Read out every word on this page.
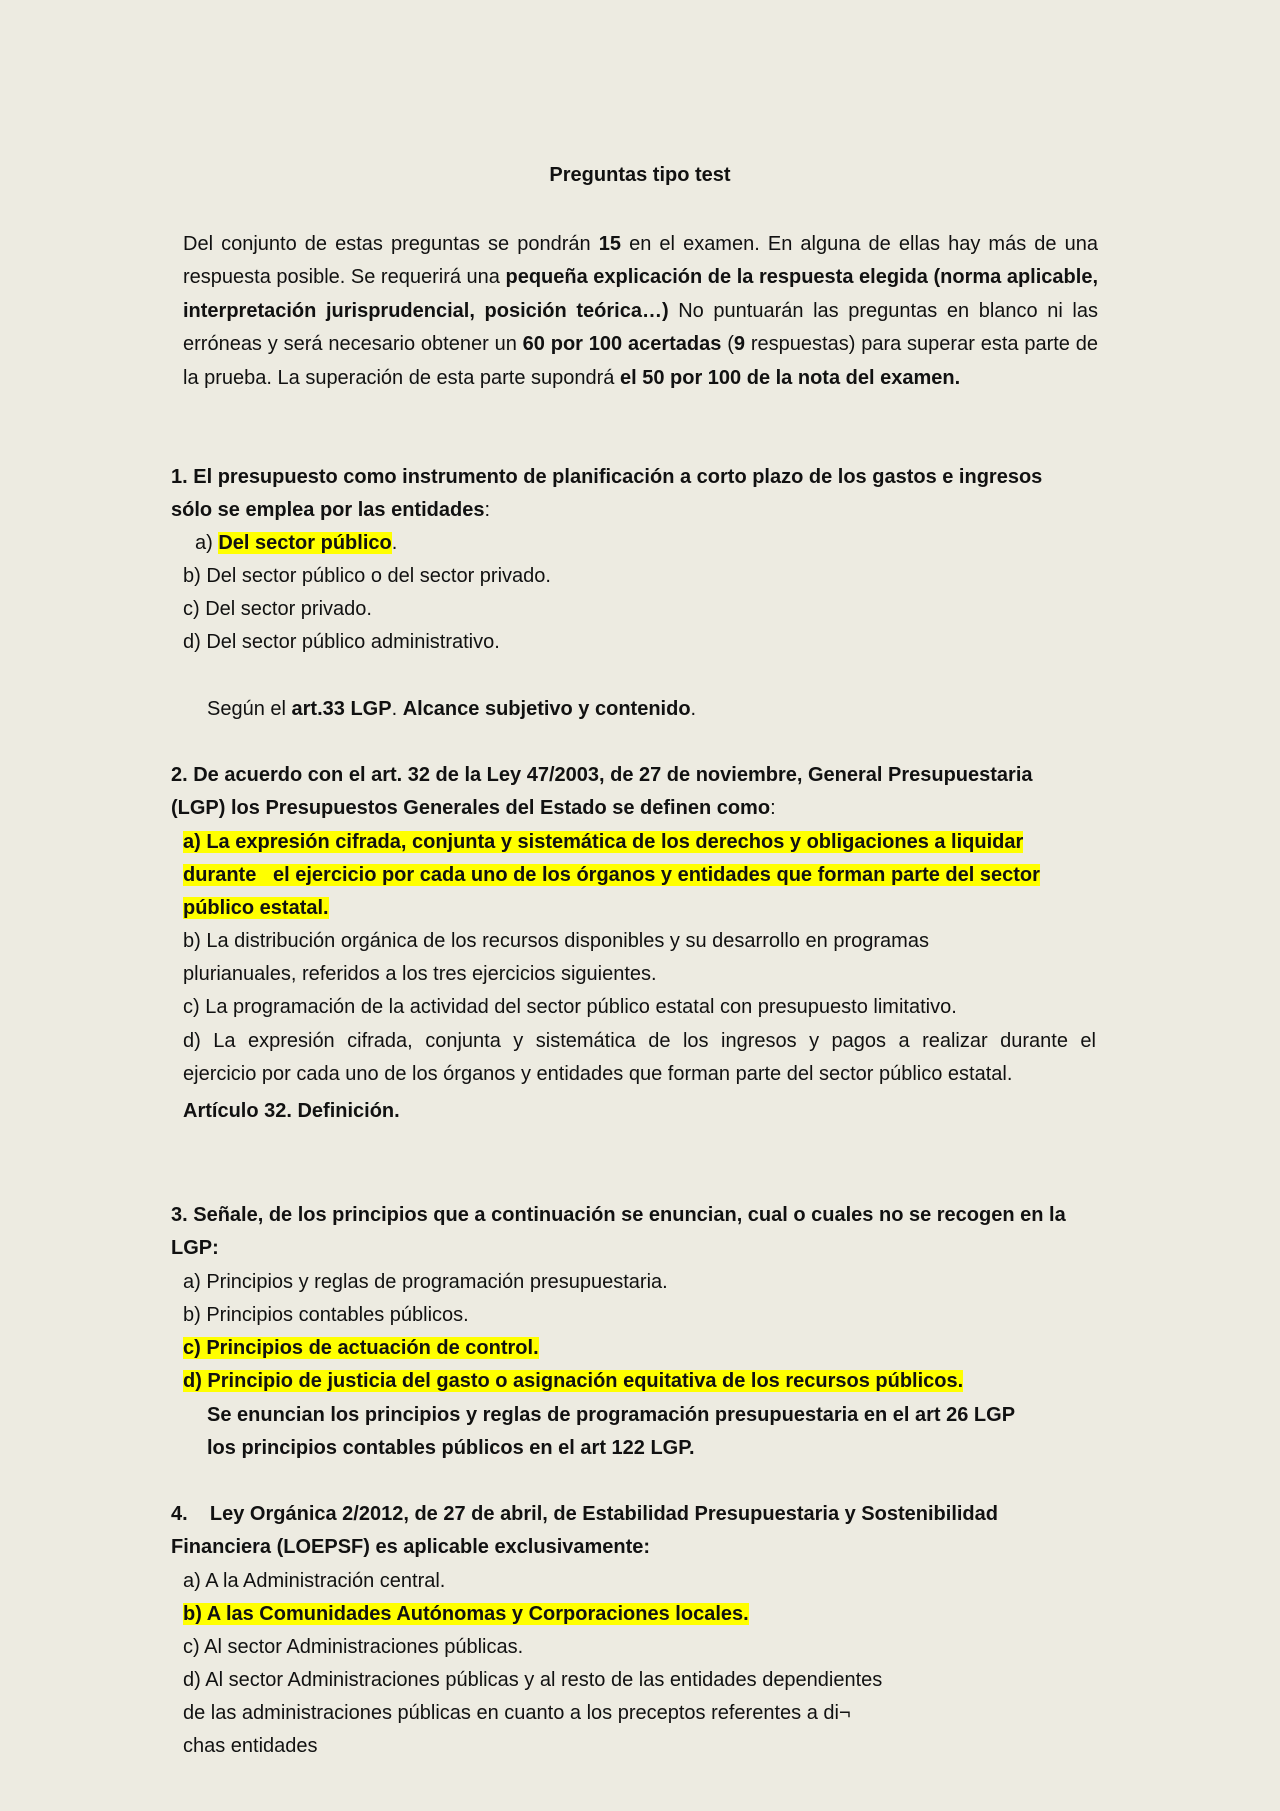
Preguntas tipo test
Del conjunto de estas preguntas se pondrán 15 en el examen. En alguna de ellas hay más de una respuesta posible. Se requerirá una pequeña explicación de la respuesta elegida (norma aplicable, interpretación jurisprudencial, posición teórica…) No puntuarán las preguntas en blanco ni las erróneas y será necesario obtener un 60 por 100 acertadas (9 respuestas) para superar esta parte de la prueba. La superación de esta parte supondrá el 50 por 100 de la nota del examen.
1. El presupuesto como instrumento de planificación a corto plazo de los gastos e ingresos
sólo se emplea por las entidades:
a) Del sector público.
b) Del sector público o del sector privado.
c) Del sector privado.
d) Del sector público administrativo.
Según el art.33 LGP. Alcance subjetivo y contenido.
2. De acuerdo con el art. 32 de la Ley 47/2003, de 27 de noviembre, General Presupuestaria
(LGP) los Presupuestos Generales del Estado se definen como:
a) La expresión cifrada, conjunta y sistemática de los derechos y obligaciones a liquidar
durante   el ejercicio por cada uno de los órganos y entidades que forman parte del sector
público estatal.
b) La distribución orgánica de los recursos disponibles y su desarrollo en programas
plurianuales, referidos a los tres ejercicios siguientes.
c) La programación de la actividad del sector público estatal con presupuesto limitativo.
d) La expresión cifrada, conjunta y sistemática de los ingresos y pagos a realizar durante el
ejercicio por cada uno de los órganos y entidades que forman parte del sector público estatal.
Artículo 32. Definición.
3. Señale, de los principios que a continuación se enuncian, cual o cuales no se recogen en la
LGP:
a) Principios y reglas de programación presupuestaria.
b) Principios contables públicos.
c) Principios de actuación de control.
d) Principio de justicia del gasto o asignación equitativa de los recursos públicos.
Se enuncian los principios y reglas de programación presupuestaria en el art 26 LGP
los principios contables públicos en el art 122 LGP.
4.    Ley Orgánica 2/2012, de 27 de abril, de Estabilidad Presupuestaria y Sostenibilidad
Financiera (LOEPSF) es aplicable exclusivamente:
a) A la Administración central.
b) A las Comunidades Autónomas y Corporaciones locales.
c) Al sector Administraciones públicas.
d) Al sector Administraciones públicas y al resto de las entidades dependientes
de las administraciones públicas en cuanto a los preceptos referentes a di¬
chas entidades
